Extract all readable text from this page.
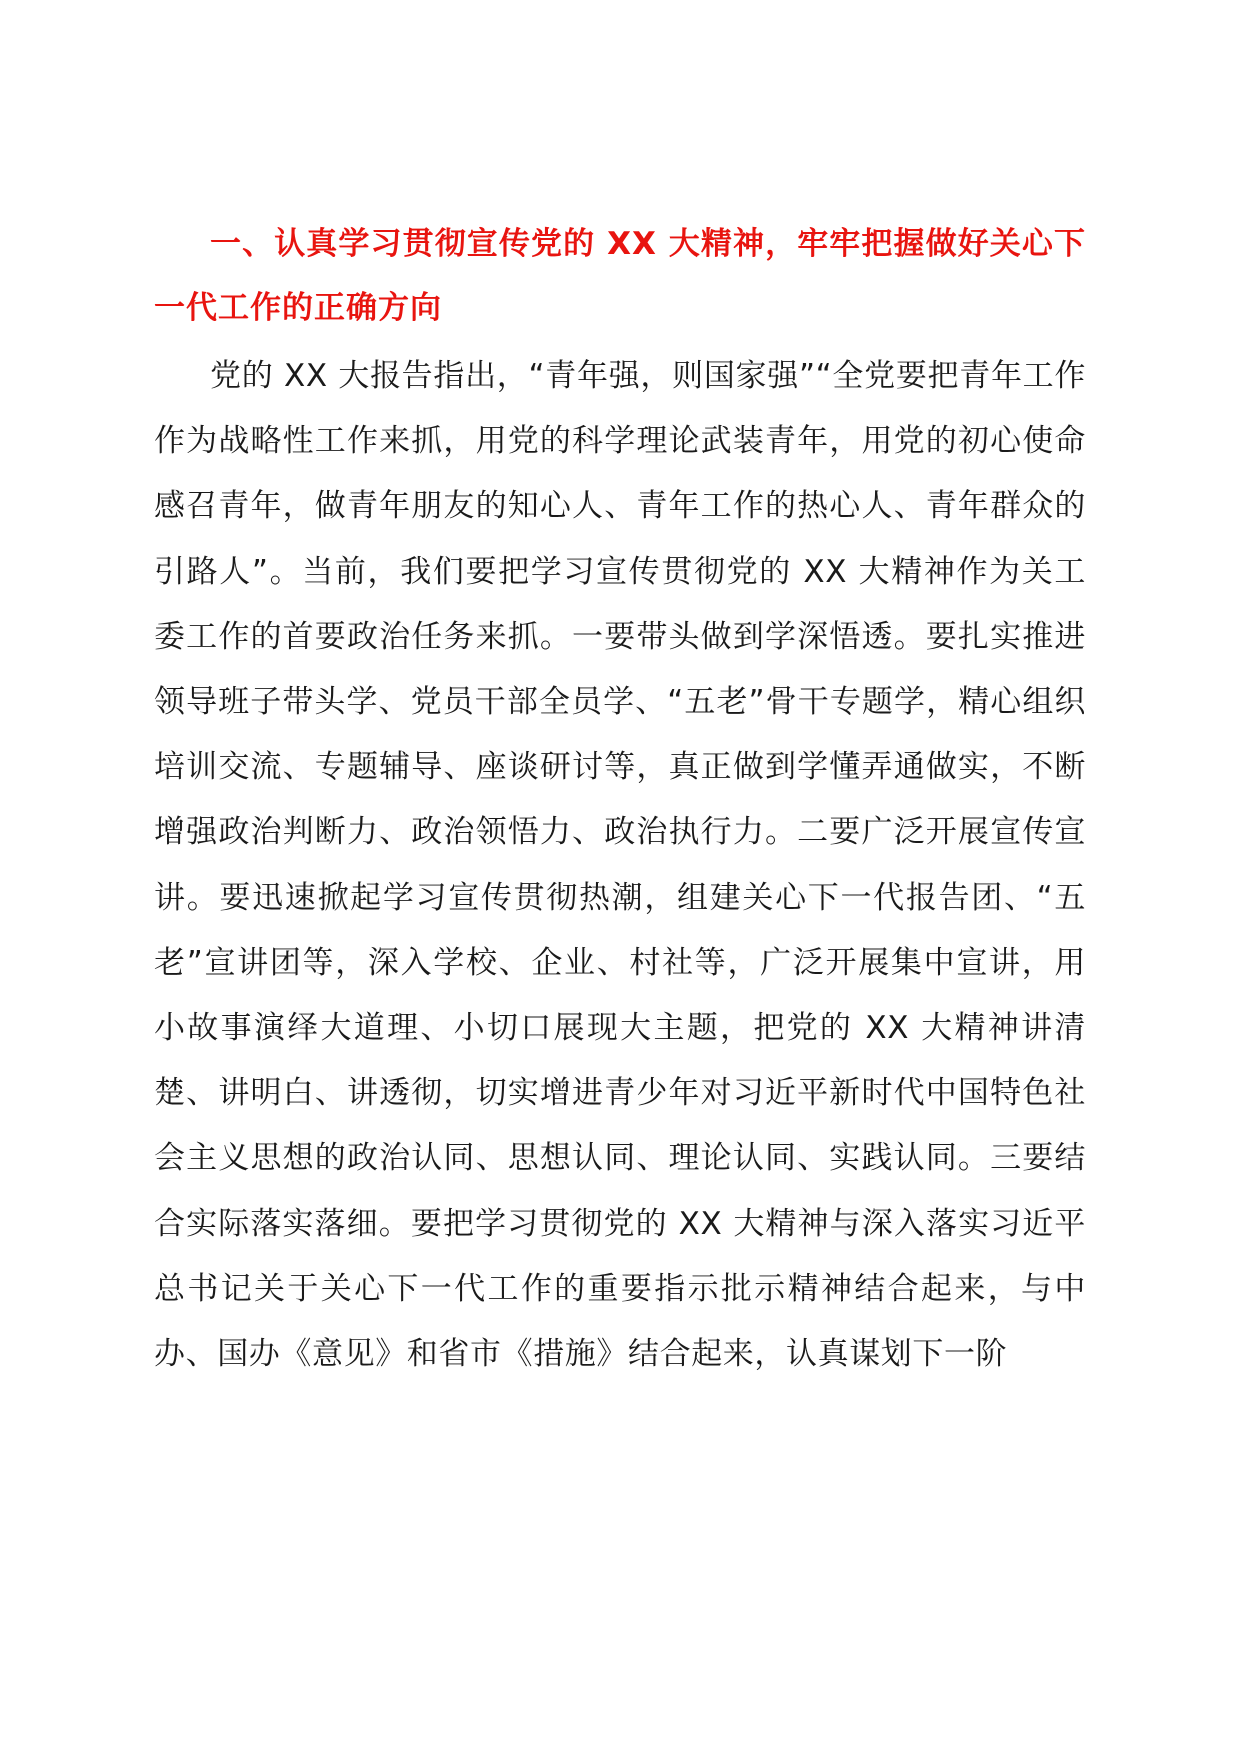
一、认真学习贯彻宣传党的 XX 大精神，牢牢把握做好关心下一代工作的正确方向

党的 XX 大报告指出，“青年强，则国家强”“全党要把青年工作作为战略性工作来抓，用党的科学理论武装青年，用党的初心使命感召青年，做青年朋友的知心人、青年工作的热心人、青年群众的引路人”。当前，我们要把学习宣传贯彻党的 XX 大精神作为关工委工作的首要政治任务来抓。一要带头做到学深悟透。要扎实推进领导班子带头学、党员干部全员学、“五老”骨干专题学，精心组织培训交流、专题辅导、座谈研讨等，真正做到学懂弄通做实，不断增强政治判断力、政治领悟力、政治执行力。二要广泛开展宣传宣讲。要迅速掀起学习宣传贯彻热潮，组建关心下一代报告团、“五老”宣讲团等，深入学校、企业、村社等，广泛开展集中宣讲，用小故事演绎大道理、小切口展现大主题，把党的 XX 大精神讲清楚、讲明白、讲透彻，切实增进青少年对习近平新时代中国特色社会主义思想的政治认同、思想认同、理论认同、实践认同。三要结合实际落实落细。要把学习贯彻党的 XX 大精神与深入落实习近平总书记关于关心下一代工作的重要指示批示精神结合起来，与中办、国办《意见》和省市《措施》结合起来，认真谋划下一阶
